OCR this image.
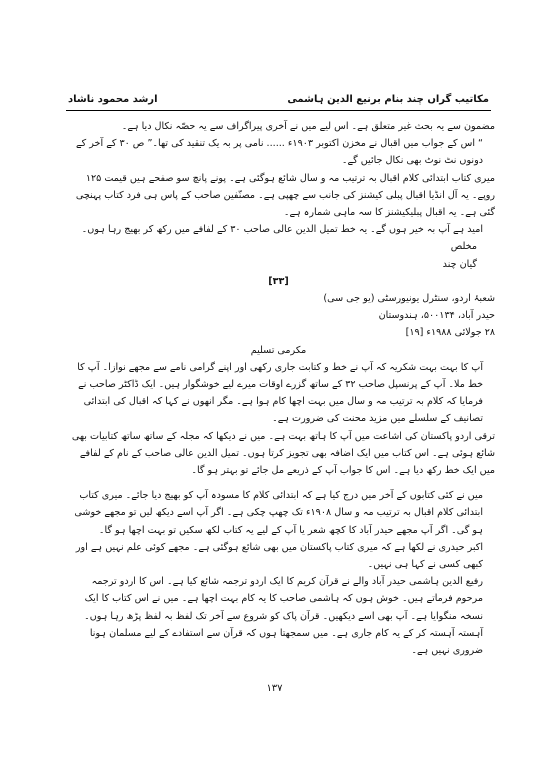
ارشد محمود ناشاد	مکاتیب گراں چند بنام برنیع الدین ہاشمی

مضمون سے یہ بحث غیر متعلق ہے۔ اس لیے میں نے آخری پیراگراف سے یہ حصّہ نکال دیا ہے۔

“ اس کے جواب میں اقبال نے مخزن اکتوبر ۱۹۰۳ء ...... نامی پر بہ یک تنقید کی تھا۔” ص ۳۰ کے آخر کے دونوں نٹ نوٹ بھی نکال جائیں گے۔

میری کتاب ابتدائی کلام اقبال بہ ترتیب مہ و سال شائع ہوگئی ہے۔ پونے پانچ سو صفحے ہیں قیمت ۱۲۵ روپے۔ یہ آل انڈیا اقبال پبلی کیشنز کی جانب سے چھپی ہے۔ مصنّفین صاحب کے پاس ہی فرد کتاب پہنچی گئی ہے۔ یہ اقبال پبلیکیشنز کا سہ ماہی شمارہ ہے۔

امید ہے آپ بہ خیر ہوں گے۔ یہ خط تمیل الدین عالی صاحب ۳۰ کے لفافے میں رکھ کر بھیج رہا ہوں۔

مخلص

گیان چند

[۳۳]

شعبۂ اردو، سنٹرل یونیورسٹی (یو جی سی)

حیدر آباد، ۵۰۰۱۳۴، ہندوستان

۲۸ جولائی ۱۹۸۸ء [۱۹]

مکرمی تسلیم

آپ کا بہت بہت شکریہ کہ آپ نے خط و کتابت جاری رکھی اور اپنے گرامی نامے سے مجھے نوازا۔ آپ کا خط ملا۔ آپ کے پرنسپل صاحب ۳۲ کے ساتھ گزرے اوقات میرے لیے خوشگوار ہیں۔ ایک ڈاکٹر صاحب نے فرمایا کہ کلام بہ ترتیب مہ و سال میں بہت اچھا کام ہوا ہے۔ مگر انھوں نے کہا کہ اقبال کی ابتدائی تصانیف کے سلسلے میں مزید محنت کی ضرورت ہے۔

ترقی اردو پاکستان کی اشاعت میں آپ کا ہاتھ بہت ہے۔ میں نے دیکھا کہ مجلہ کے ساتھ ساتھ کتابیات بھی شائع ہوئی ہے۔ اس کتاب میں ایک اضافہ بھی تجویز کرتا ہوں۔ تمیل الدین عالی صاحب کے نام کے لفافے میں ایک خط رکھ دیا ہے۔ اس کا جواب آپ کے ذریعے مل جائے تو بہتر ہو گا۔

میں نے کئی کتابوں کے آخر میں درج کیا ہے کہ ابتدائی کلام کا مسودہ آپ کو بھیج دیا جائے۔ میری کتاب ابتدائی کلام اقبال بہ ترتیب مہ و سال ۱۹۰۸ء تک چھپ چکی ہے۔ اگر آپ اسے دیکھ لیں تو مجھے خوشی ہو گی۔ اگر آپ مجھے حیدر آباد کا کچھ شعر یا آپ کے لیے یہ کتاب لکھ سکیں تو بہت اچھا ہو گا۔

اکبر حیدری نے لکھا ہے کہ میری کتاب پاکستان میں بھی شائع ہوگئی ہے۔ مجھے کوئی علم نہیں ہے اور کبھی کسی نے کہا ہی نہیں۔

رفیع الدین ہاشمی حیدر آباد والے نے قرآن کریم کا ایک اردو ترجمہ شائع کیا ہے۔ اس کا اردو ترجمہ مرحوم فرماتے ہیں۔ خوش ہوں کہ ہاشمی صاحب کا یہ کام بہت اچھا ہے۔ میں نے اس کتاب کا ایک نسخہ منگوایا ہے۔ آپ بھی اسے دیکھیں۔ قرآن پاک کو شروع سے آخر تک لفظ بہ لفظ پڑھ رہا ہوں۔ آہستہ آہستہ کر کے یہ کام جاری ہے۔ میں سمجھتا ہوں کہ قرآن سے استفادے کے لیے مسلمان ہونا ضروری نہیں ہے۔

۱۳۷
